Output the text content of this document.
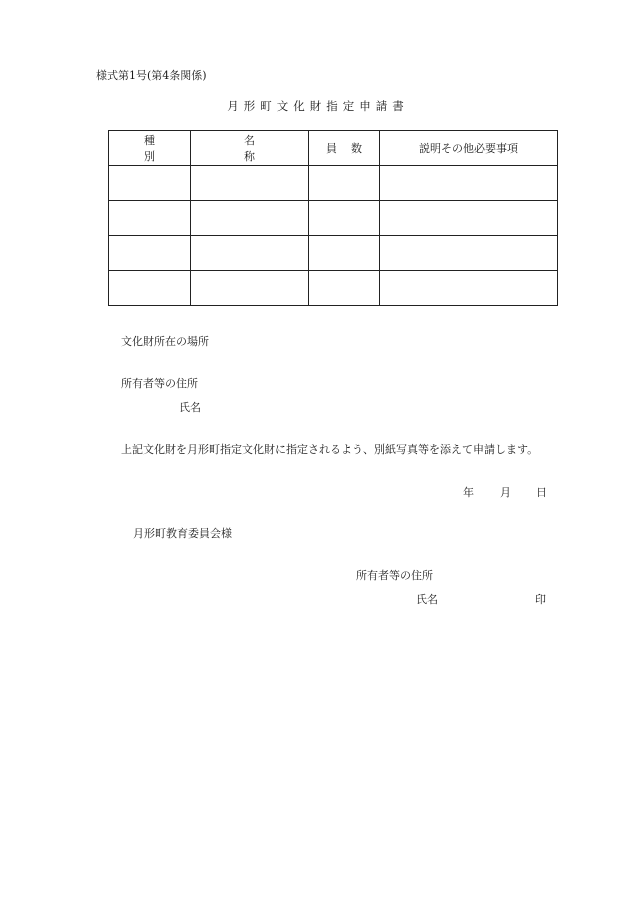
様式第1号(第4条関係)
月形町文化財指定申請書
種別	名称	員数	説明その他必要事項

文化財所在の場所
所有者等の住所
氏名
上記文化財を月形町指定文化財に指定されるよう、別紙写真等を添えて申請します。
年 月 日
月形町教育委員会様
所有者等の住所
氏名	印
